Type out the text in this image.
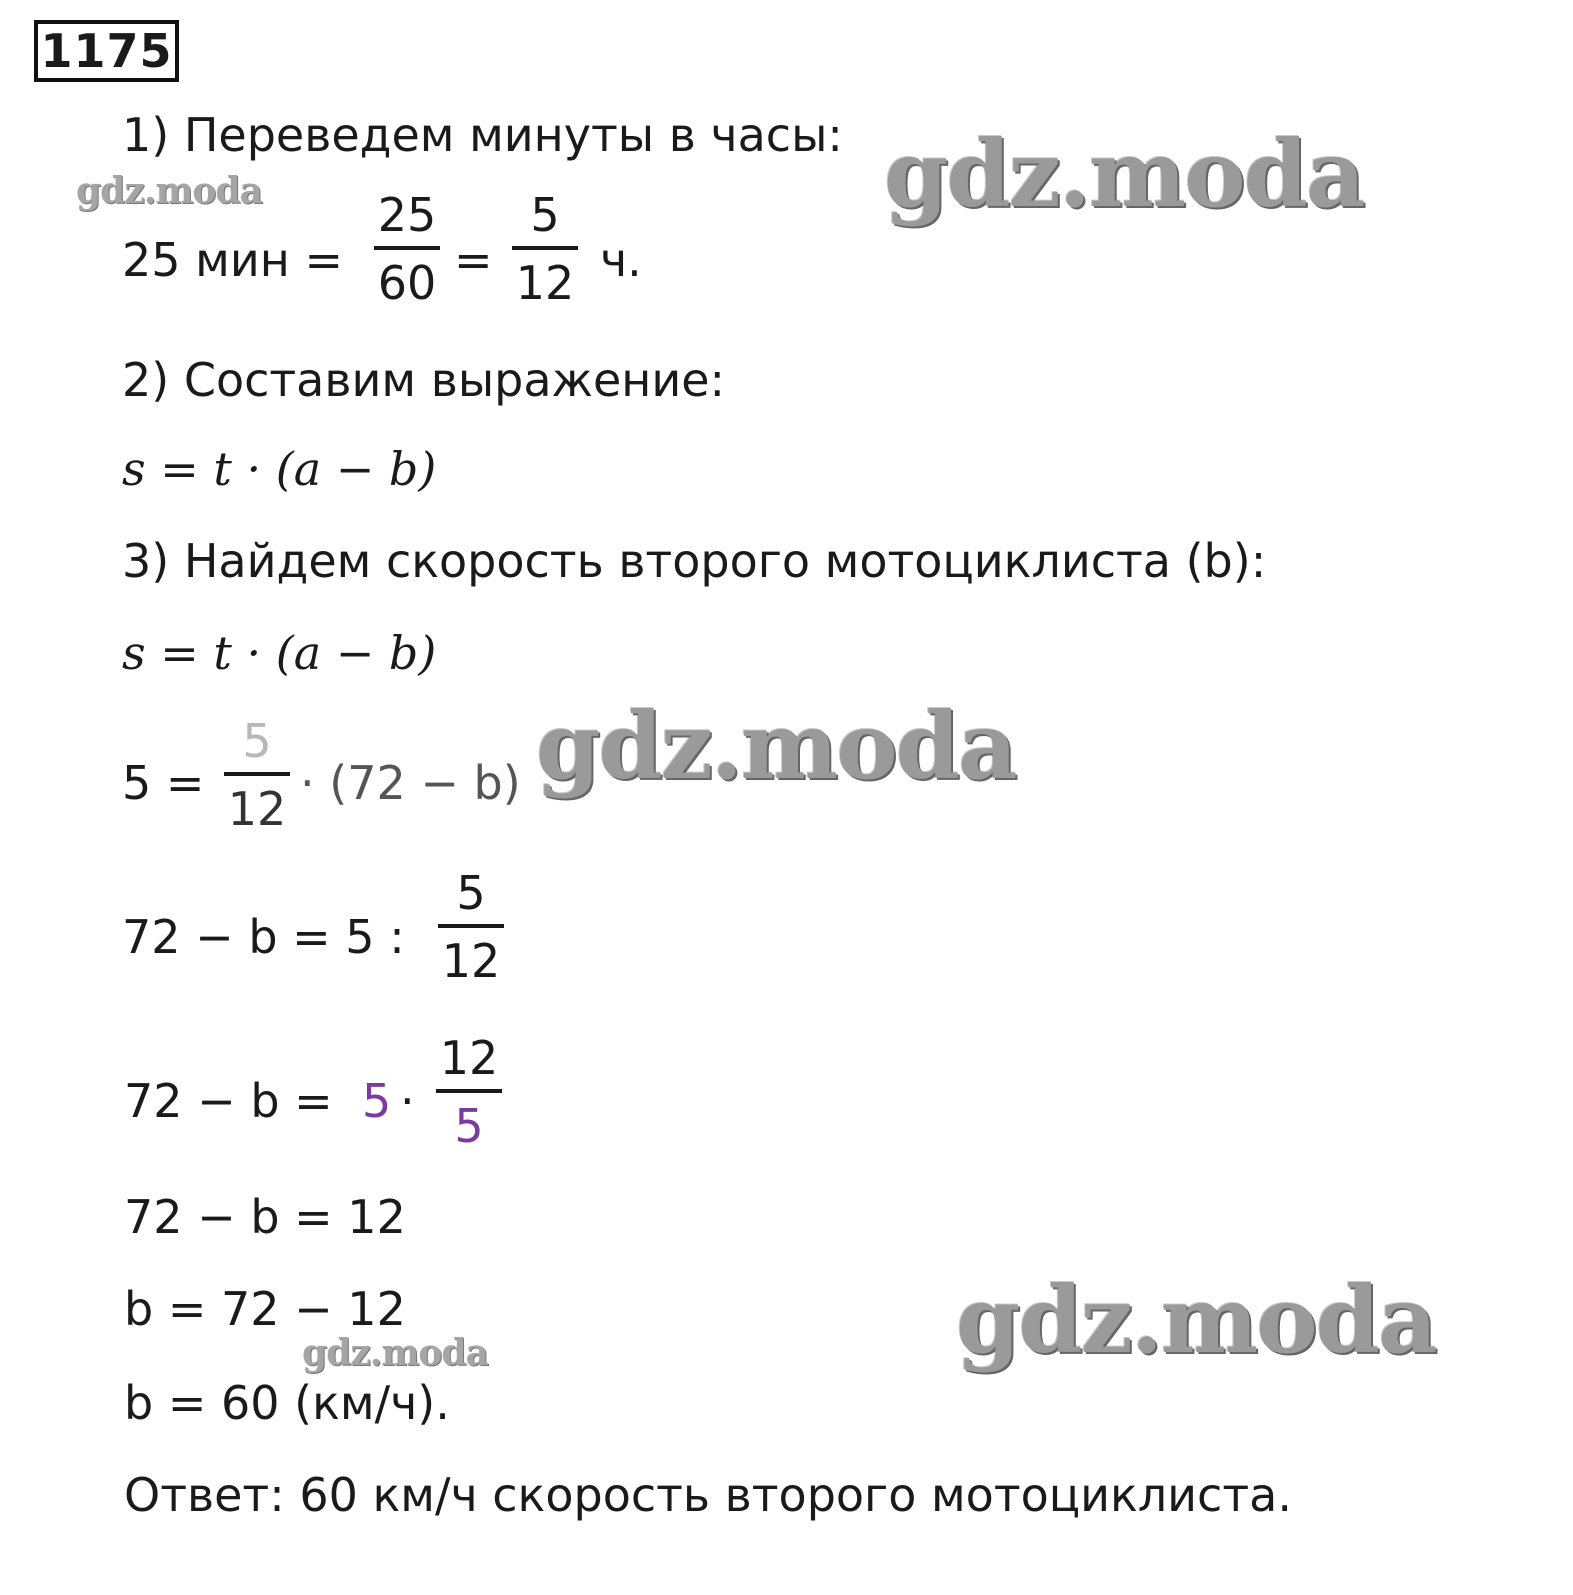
1175
1) Переведем минуты в часы:
25 мин =
25
60 =
5
12 ч.
2) Составим выражение:
s = t · (a − b)
3) Найдем скорость второго мотоциклиста (b):
s = t · (a − b)
5 =
5
12 · (72 − b)
72 − b = 5 :
5
12
72 − b = 5 ·
12
5
72 − b = 12
b = 72 − 12
b = 60 (км/ч).
Ответ: 60 км/ч скорость второго мотоциклиста.
gdz.moda	gdz.moda
gdz.moda
gdz.moda
gdz.moda
